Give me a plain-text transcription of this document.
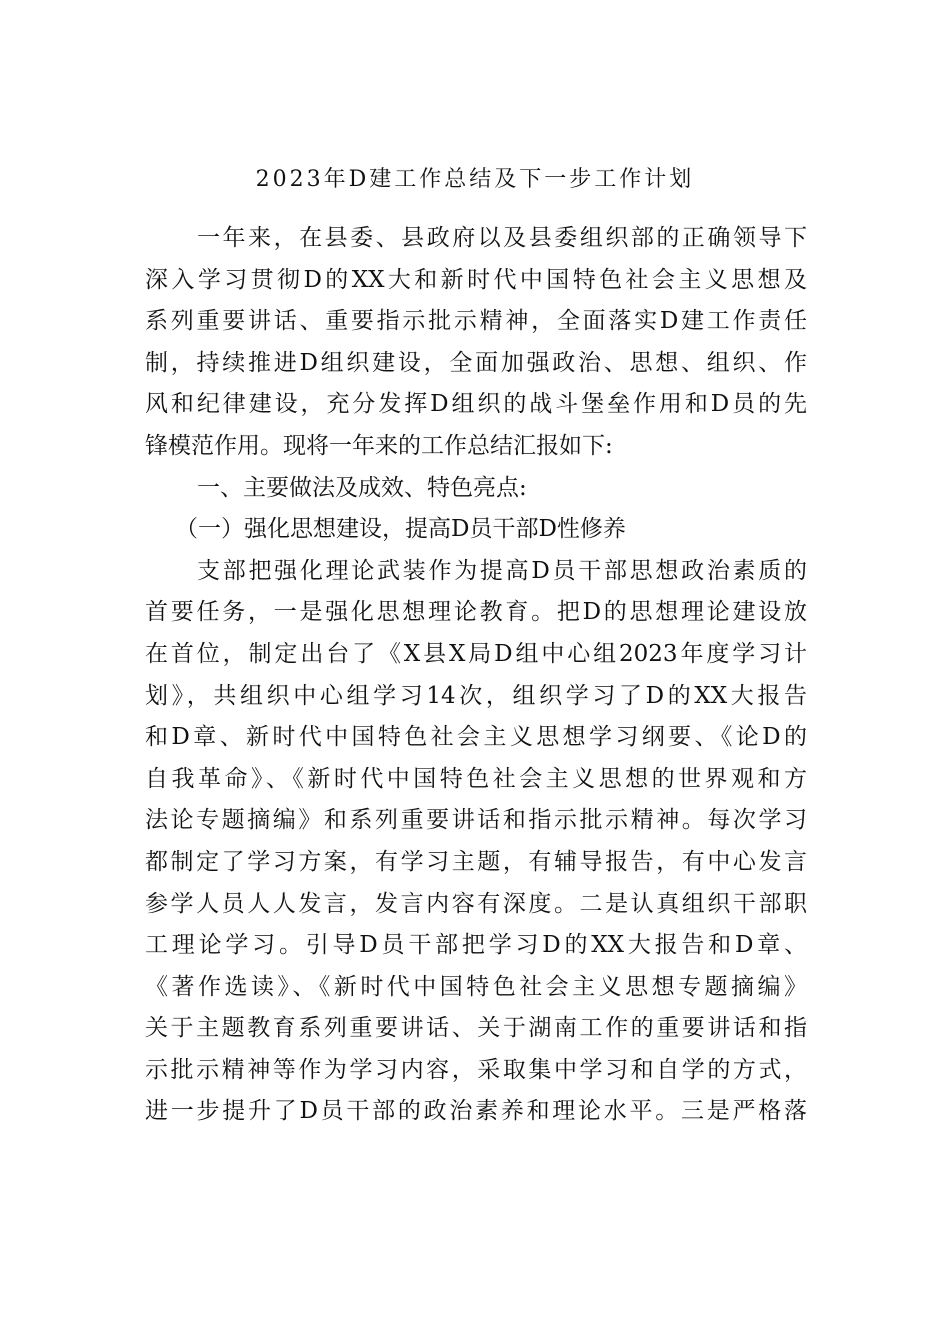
2023年D建工作总结及下一步工作计划
一年来，在县委、县政府以及县委组织部的正确领导下
深入学习贯彻D的XX大和新时代中国特色社会主义思想及
系列重要讲话、重要指示批示精神，全面落实D建工作责任
制，持续推进D组织建设，全面加强政治、思想、组织、作
风和纪律建设，充分发挥D组织的战斗堡垒作用和D员的先
锋模范作用。现将一年来的工作总结汇报如下:
一、主要做法及成效、特色亮点:
（一）强化思想建设，提高D员干部D性修养
支部把强化理论武装作为提高D员干部思想政治素质的
首要任务，一是强化思想理论教育。把D的思想理论建设放
在首位，制定出台了《X县X局D组中心组2023年度学习计
划》，共组织中心组学习14次，组织学习了D的XX大报告
和D章、新时代中国特色社会主义思想学习纲要、《论D的
自我革命》、《新时代中国特色社会主义思想的世界观和方
法论专题摘编》和系列重要讲话和指示批示精神。每次学习
都制定了学习方案，有学习主题，有辅导报告，有中心发言
参学人员人人发言，发言内容有深度。二是认真组织干部职
工理论学习。引导D员干部把学习D的XX大报告和D章、
《著作选读》、《新时代中国特色社会主义思想专题摘编》
关于主题教育系列重要讲话、关于湖南工作的重要讲话和指
示批示精神等作为学习内容，采取集中学习和自学的方式，
进一步提升了D员干部的政治素养和理论水平。三是严格落
